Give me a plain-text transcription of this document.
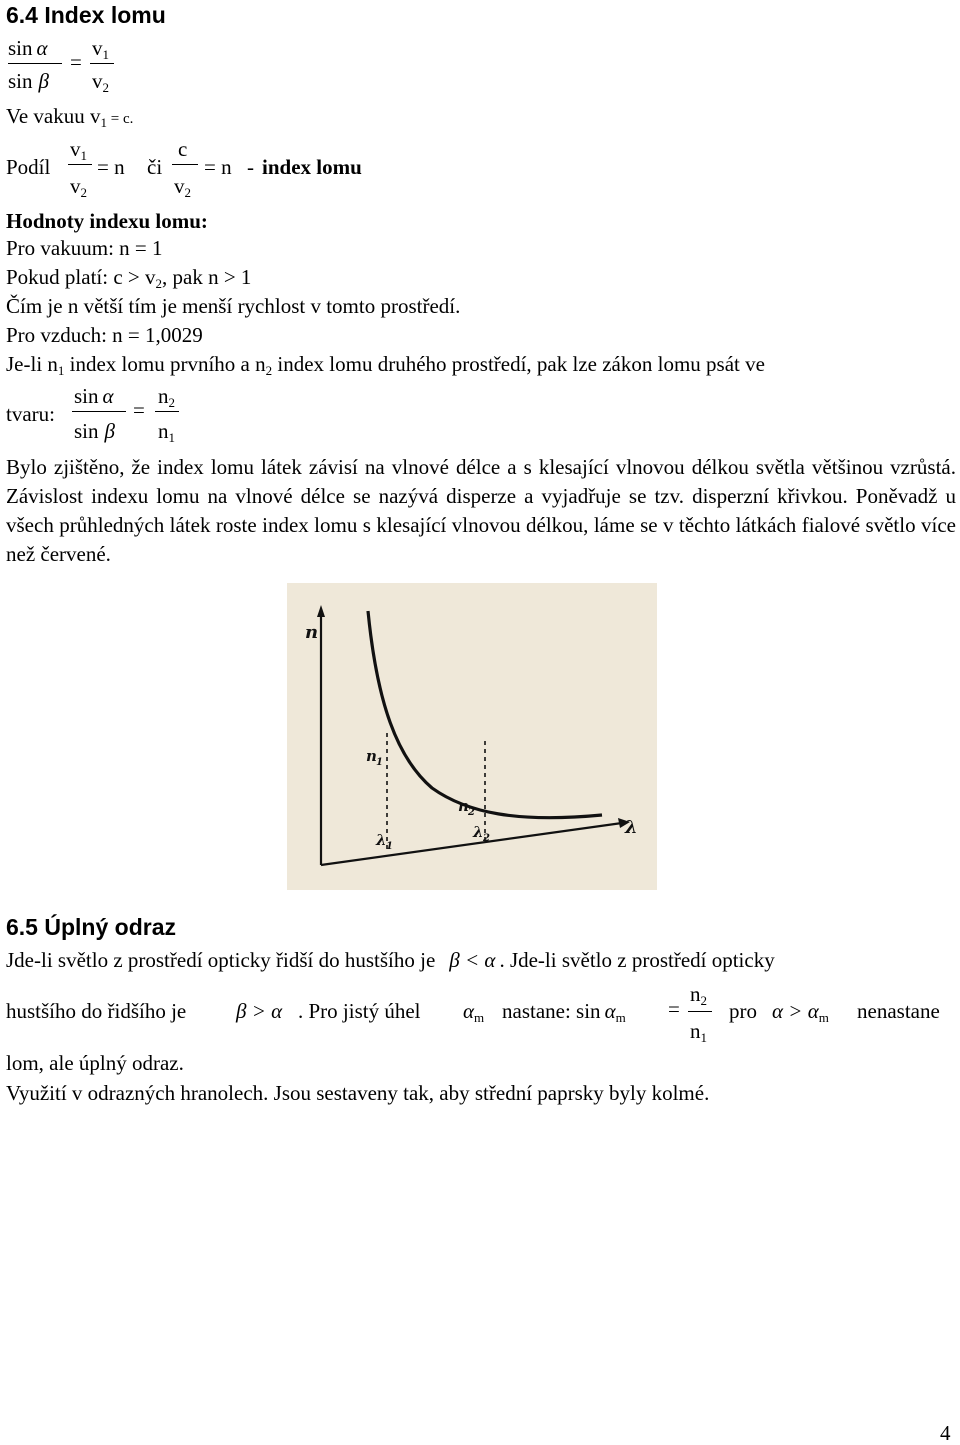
6.4 Index lomu
sin α
sin β
=
$v_1$
$v_2$
Ve vakuu $v_1 = c$.
Podíl
$v_1$
$v_2$
= n či
c
$v_2$
= n - index lomu
Hodnoty indexu lomu:
Pro vakuum: n = 1
Pokud platí: $c > v_2$, pak n > 1
Čím je n větší tím je menší rychlost v tomto prostředí.
Pro vzduch: n = 1,0029
Je-li $n_1$ index lomu prvního a $n_2$ index lomu druhého prostředí, pak lze zákon lomu psát ve
tvaru:
sin α
sin β
=
$n_2$
$n_1$
Bylo zjištěno, že index lomu látek závisí na vlnové délce a s klesající vlnovou délkou světla většinou vzrůstá. Závislost indexu lomu na vlnové délce se nazývá disperze a vyjadřuje se tzv. disperzní křivkou. Poněvadž u všech průhledných látek roste index lomu s klesající vlnovou délkou, láme se v těchto látkách fialové světlo více než červené.
n
λ
n 1
n 2
λ 1
λ 2
6.5 Úplný odraz
Jde-li světlo z prostředí opticky řidší do hustšího je β < α . Jde-li světlo z prostředí opticky
hustšího do řidšího je β > α . Pro jistý úhel $\alpha_m$ nastane: $\sin \alpha_m$ =
$n_2$
$n_1$
pro $\alpha > \alpha_m$ nenastane
lom, ale úplný odraz.
Využití v odrazných hranolech. Jsou sestaveny tak, aby střední paprsky byly kolmé.
4
